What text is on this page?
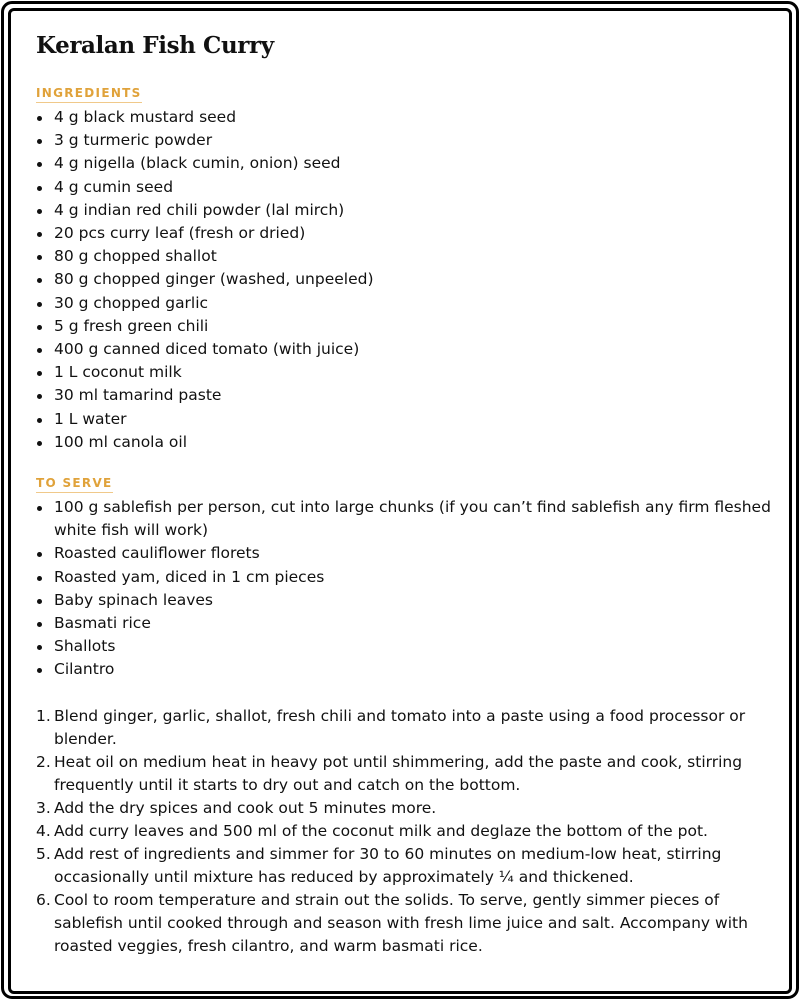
Keralan Fish Curry
INGREDIENTS
4 g black mustard seed
3 g turmeric powder
4 g nigella (black cumin, onion) seed
4 g cumin seed
4 g indian red chili powder (lal mirch)
20 pcs curry leaf (fresh or dried)
80 g chopped shallot
80 g chopped ginger (washed, unpeeled)
30 g chopped garlic
5 g fresh green chili
400 g canned diced tomato (with juice)
1 L coconut milk
30 ml tamarind paste
1 L water
100 ml canola oil
TO SERVE
100 g sablefish per person, cut into large chunks (if you can’t find sablefish any firm fleshed white fish will work)
Roasted cauliflower florets
Roasted yam, diced in 1 cm pieces
Baby spinach leaves
Basmati rice
Shallots
Cilantro
1. Blend ginger, garlic, shallot, fresh chili and tomato into a paste using a food processor or blender.
2. Heat oil on medium heat in heavy pot until shimmering, add the paste and cook, stirring frequently until it starts to dry out and catch on the bottom.
3. Add the dry spices and cook out 5 minutes more.
4. Add curry leaves and 500 ml of the coconut milk and deglaze the bottom of the pot.
5. Add rest of ingredients and simmer for 30 to 60 minutes on medium-low heat, stirring occasionally until mixture has reduced by approximately ¼ and thickened.
6. Cool to room temperature and strain out the solids. To serve, gently simmer pieces of sablefish until cooked through and season with fresh lime juice and salt. Accompany with roasted veggies, fresh cilantro, and warm basmati rice.
